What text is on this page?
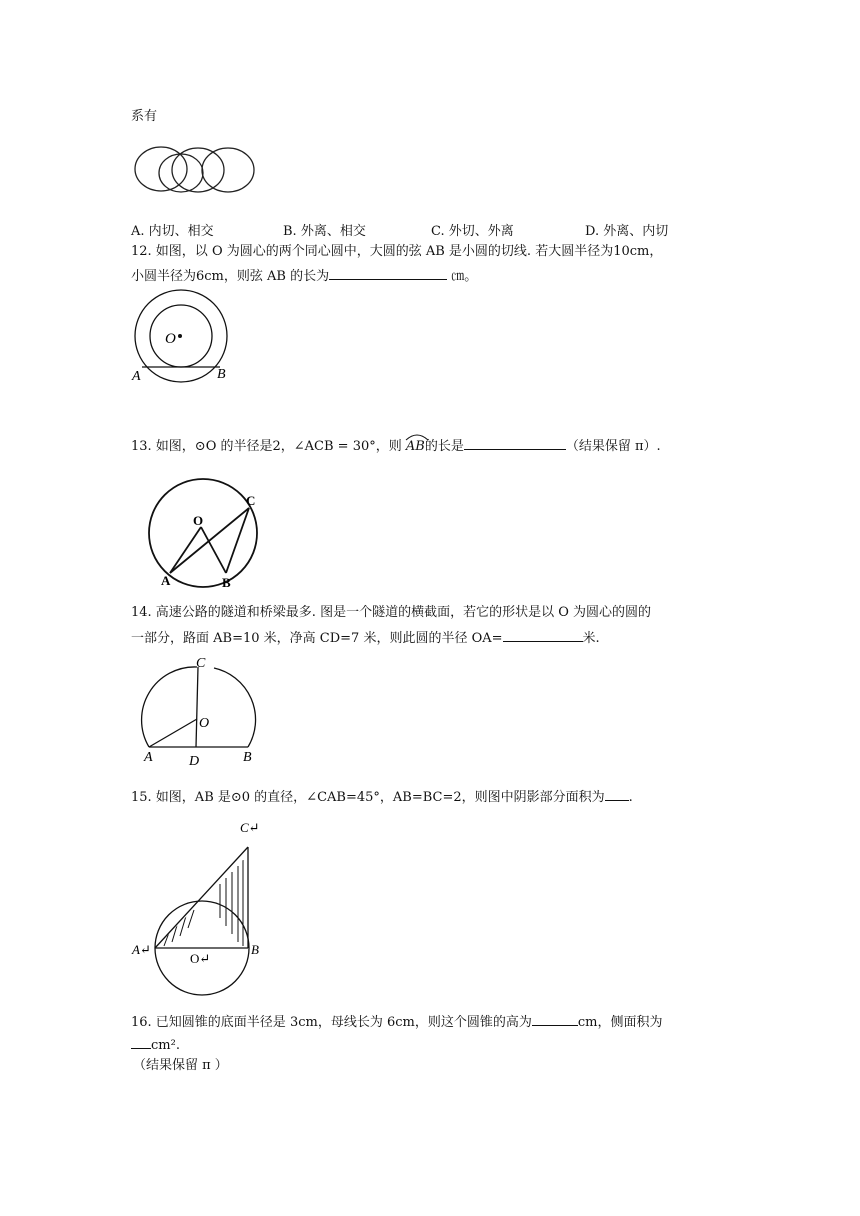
系有
A. 内切、相交	B. 外离、相交	C. 外切、外离	D. 外离、内切
12. 如图，以 O 为圆心的两个同心圆中，大圆的弦 AB 是小圆的切线. 若大圆半径为10cm，
小圆半径为6cm，则弦 AB 的长为	㎝。
O
A	B
13. 如图，⊙O 的半径是2，∠ACB = 30°，则 AB的长是	（结果保留 π）.
O
A	B
C
14. 高速公路的隧道和桥梁最多. 图是一个隧道的横截面，若它的形状是以 O 为圆心的圆的
一部分，路面 AB=10 米，净高 CD=7 米，则此圆的半径 OA=	米.
C
O
A	D	B
15. 如图，AB 是⊙0 的直径，∠CAB=45°，AB=BC=2，则图中阴影部分面积为 .
C↵
A↵
O↵
B
16. 已知圆锥的底面半径是 3cm，母线长为 6cm，则这个圆锥的高为	cm，侧面积为
cm².
（结果保留 π ）
